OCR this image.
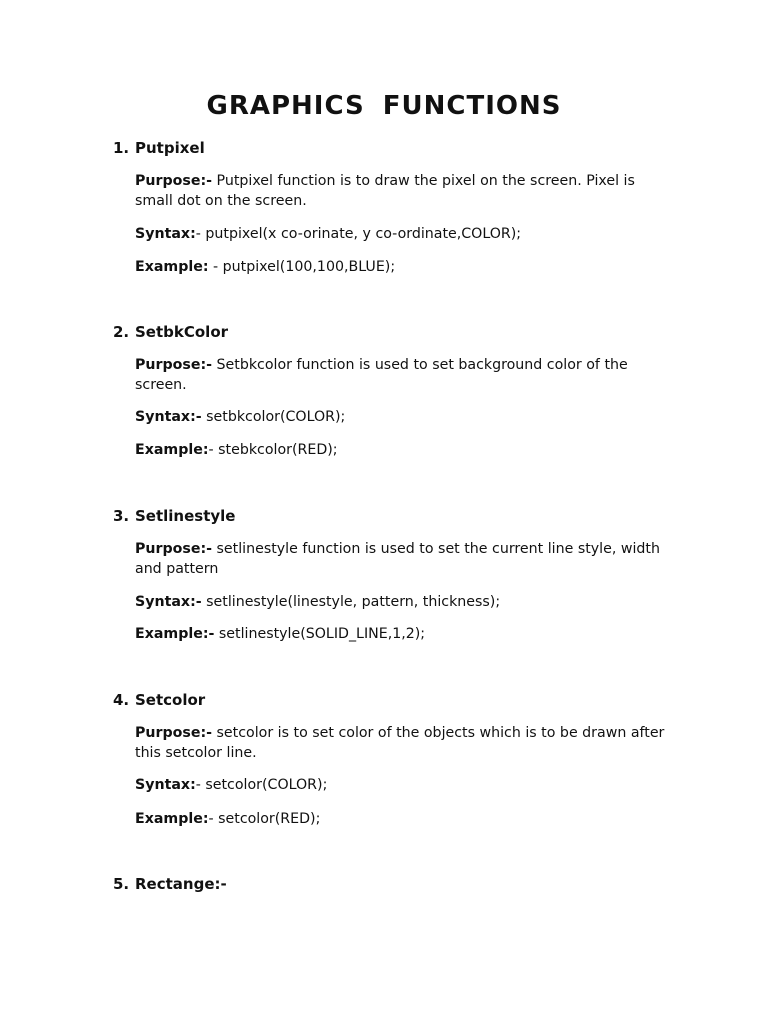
GRAPHICS FUNCTIONS
1. Putpixel
Purpose:- Putpixel function is to draw the pixel on the screen. Pixel is small dot on the screen.
Syntax:- putpixel(x co-orinate, y co-ordinate,COLOR);
Example: - putpixel(100,100,BLUE);
2. SetbkColor
Purpose:- Setbkcolor function is used to set background color of the screen.
Syntax:- setbkcolor(COLOR);
Example:- stebkcolor(RED);
3. Setlinestyle
Purpose:- setlinestyle function is used to set the current line style, width and pattern
Syntax:- setlinestyle(linestyle, pattern, thickness);
Example:- setlinestyle(SOLID_LINE,1,2);
4. Setcolor
Purpose:- setcolor is to set color of the objects which is to be drawn after this setcolor line.
Syntax:- setcolor(COLOR);
Example:- setcolor(RED);
5. Rectange:-
